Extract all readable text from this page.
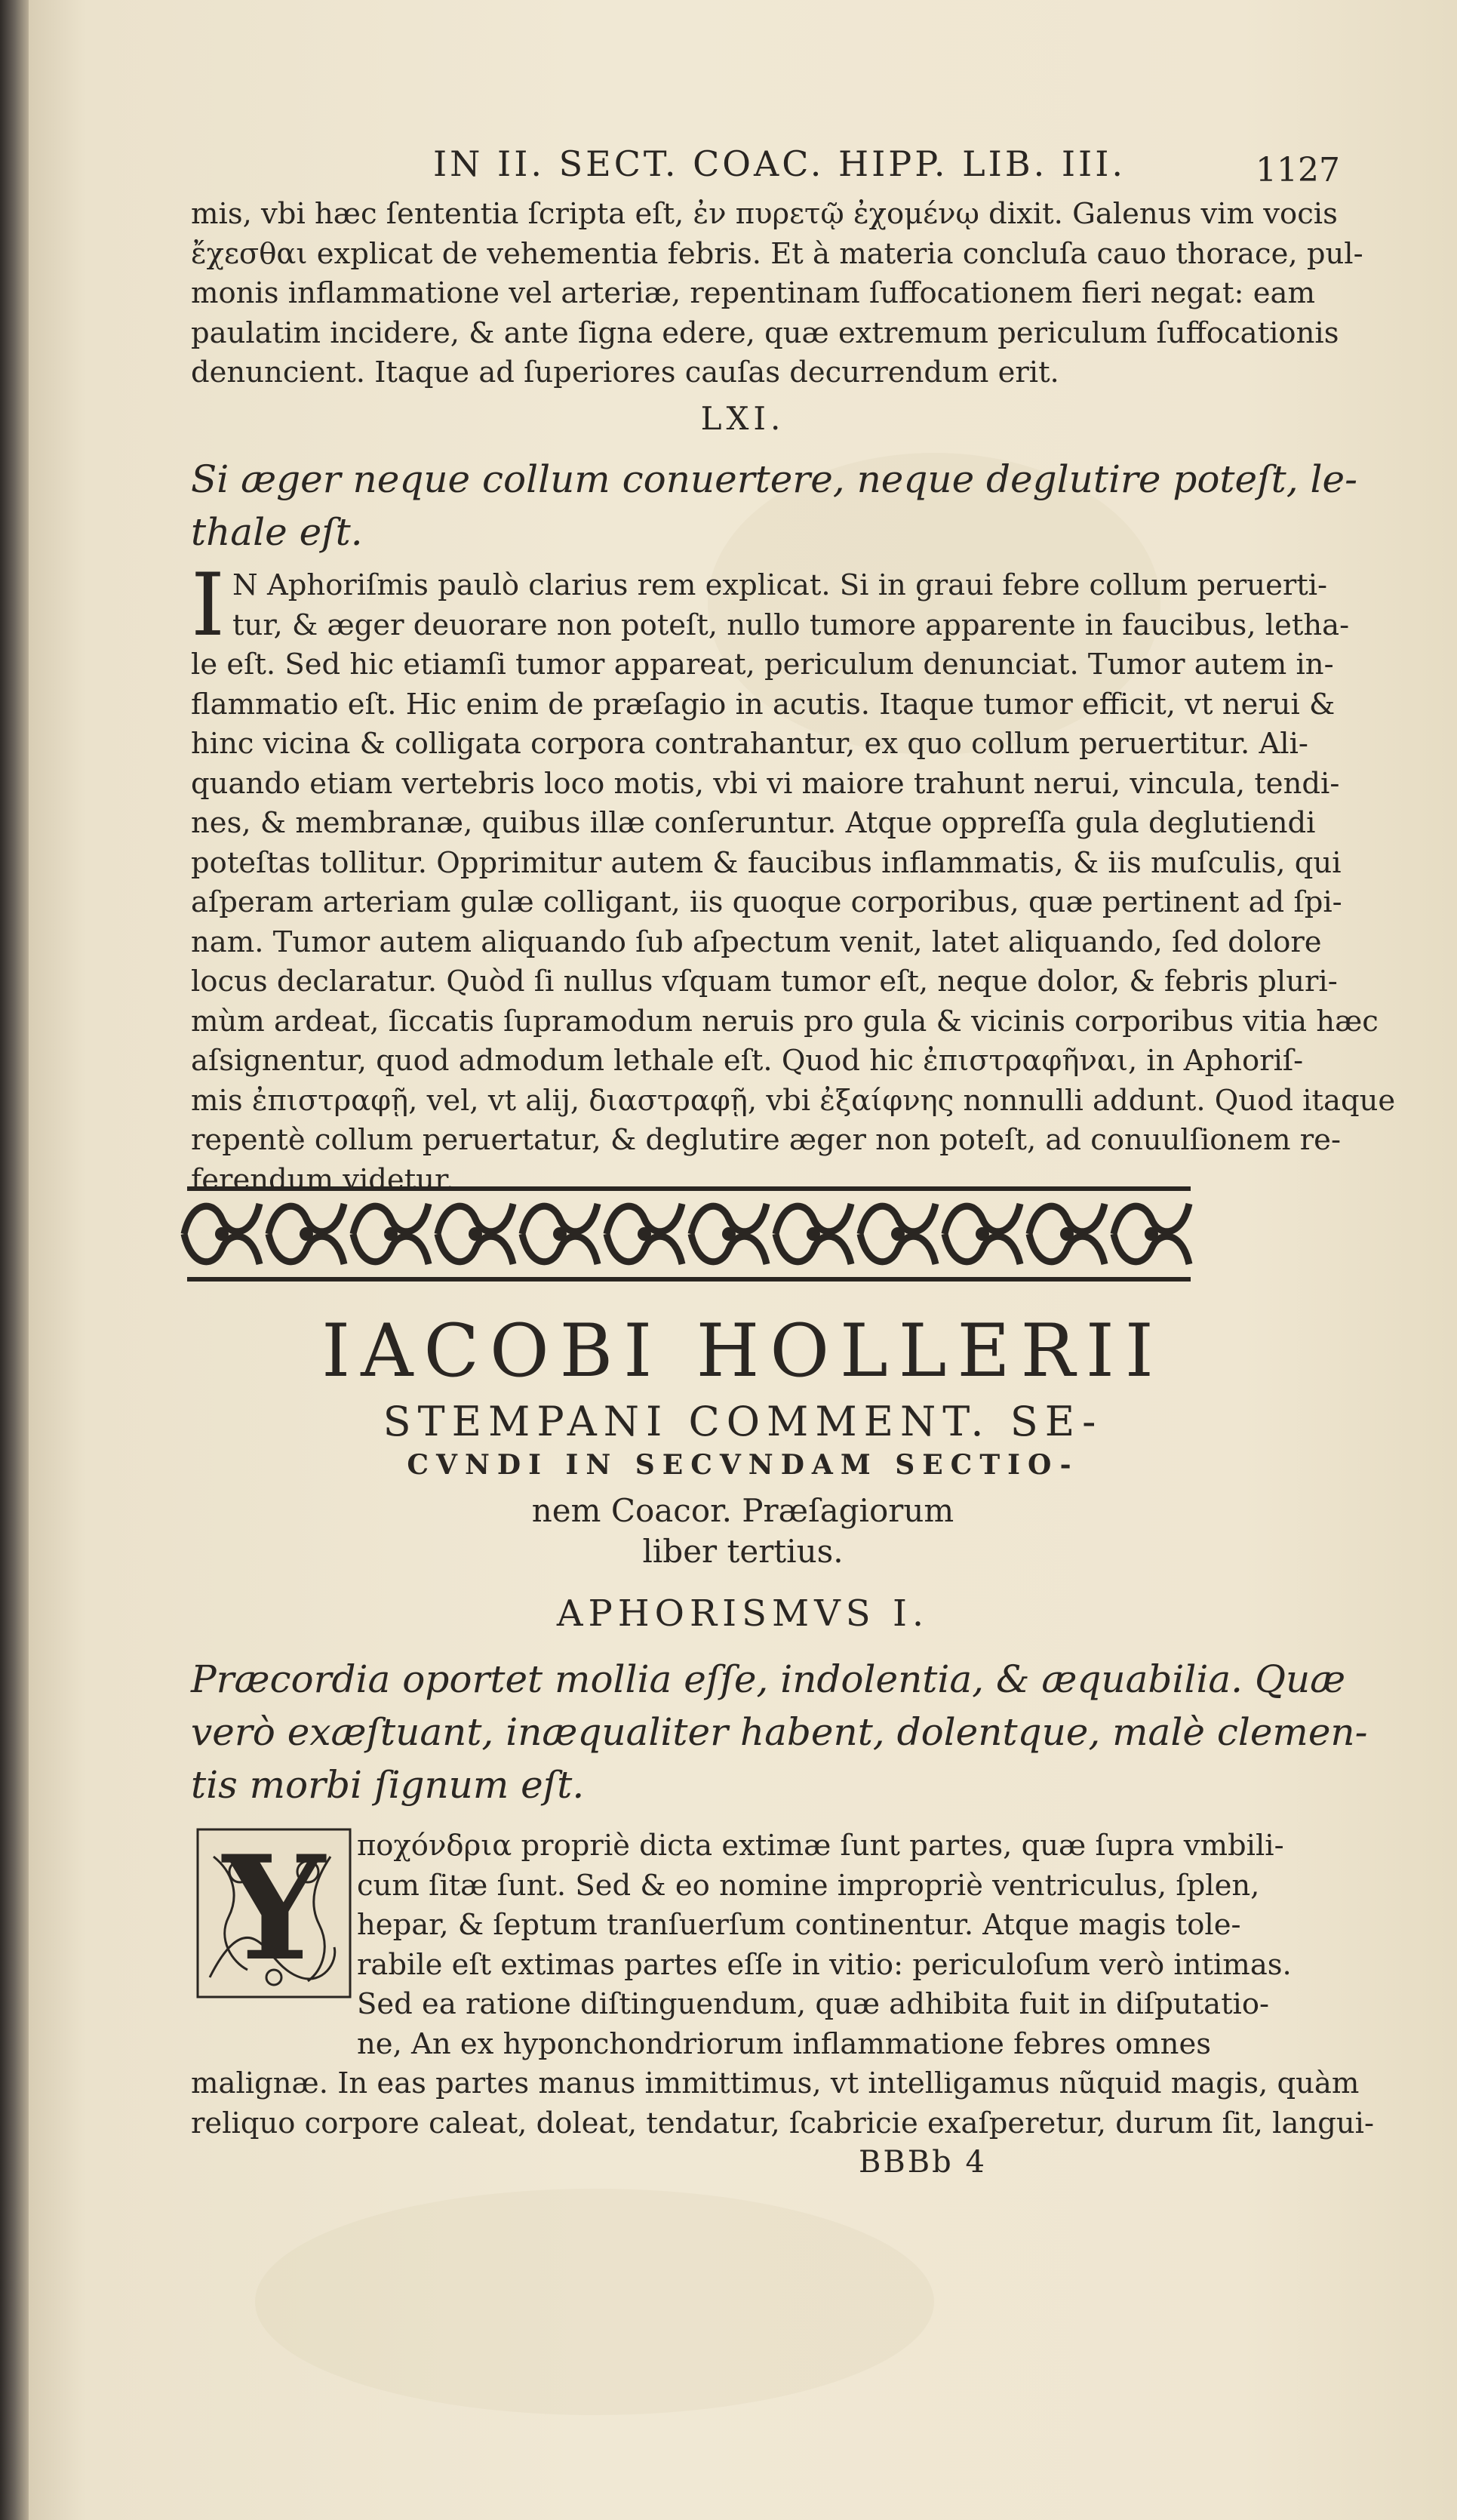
IN II. SECT. COAC. HIPP. LIB. III.	1127
mis, vbi hæc ſententia ſcripta eſt, ἐν πυρετῷ ἐχομένῳ dixit. Galenus vim vocis
ἔχεσθαι explicat de vehementia febris. Et à materia concluſa cauo thorace, pul-
monis inflammatione vel arteriæ, repentinam ſuffocationem fieri negat: eam
paulatim incidere, & ante ſigna edere, quæ extremum periculum ſuffocationis
denuncient. Itaque ad ſuperiores cauſas decurrendum erit.
LXI.
Si æger neque collum conuertere, neque deglutire poteſt, le-
thale eſt.
I N Aphoriſmis paulò clarius rem explicat. Si in graui febre collum peruerti-
tur, & æger deuorare non poteſt, nullo tumore apparente in faucibus, letha-
le eſt. Sed hic etiamſi tumor appareat, periculum denunciat. Tumor autem in-
flammatio eſt. Hic enim de præſagio in acutis. Itaque tumor efficit, vt nerui &
hinc vicina & colligata corpora contrahantur, ex quo collum peruertitur. Ali-
quando etiam vertebris loco motis, vbi vi maiore trahunt nerui, vincula, tendi-
nes, & membranæ, quibus illæ conſeruntur. Atque oppreſſa gula deglutiendi
poteſtas tollitur. Opprimitur autem & faucibus inflammatis, & iis muſculis, qui
aſperam arteriam gulæ colligant, iis quoque corporibus, quæ pertinent ad ſpi-
nam. Tumor autem aliquando ſub aſpectum venit, latet aliquando, ſed dolore
locus declaratur. Quòd ſi nullus vſquam tumor eſt, neque dolor, & febris pluri-
mùm ardeat, ſiccatis ſupramodum neruis pro gula & vicinis corporibus vitia hæc
aſsignentur, quod admodum lethale eſt. Quod hic ἐπιστραφῆναι, in Aphoriſ-
mis ἐπιστραφῇ, vel, vt alij, διαστραφῇ, vbi ἐξαίφνης nonnulli addunt. Quod itaque
repentè collum peruertatur, & deglutire æger non poteſt, ad conuulſionem re-
ferendum videtur.
IACOBI HOLLERII
STEMPANI COMMENT. SE-
CVNDI IN SECVNDAM SECTIO-
nem Coacor. Præſagiorum
liber tertius.
APHORISMVS I.
Præcordia oportet mollia eſſe, indolentia, & æquabilia. Quæ
verò exæſtuant, inæqualiter habent, dolentque, malè clemen-
tis morbi ſignum eſt.
Y ποχόνδρια propriè dicta extimæ ſunt partes, quæ ſupra vmbili-
cum ſitæ ſunt. Sed & eo nomine impropriè ventriculus, ſplen,
hepar, & ſeptum tranſuerſum continentur. Atque magis tole-
rabile eſt extimas partes eſſe in vitio: periculoſum verò intimas.
Sed ea ratione diſtinguendum, quæ adhibita fuit in diſputatio-
ne, An ex hyponchondriorum inflammatione febres omnes
malignæ. In eas partes manus immittimus, vt intelligamus nũquid magis, quàm
reliquo corpore caleat, doleat, tendatur, ſcabricie exaſperetur, durum ſit, langui-
BBBb 4
